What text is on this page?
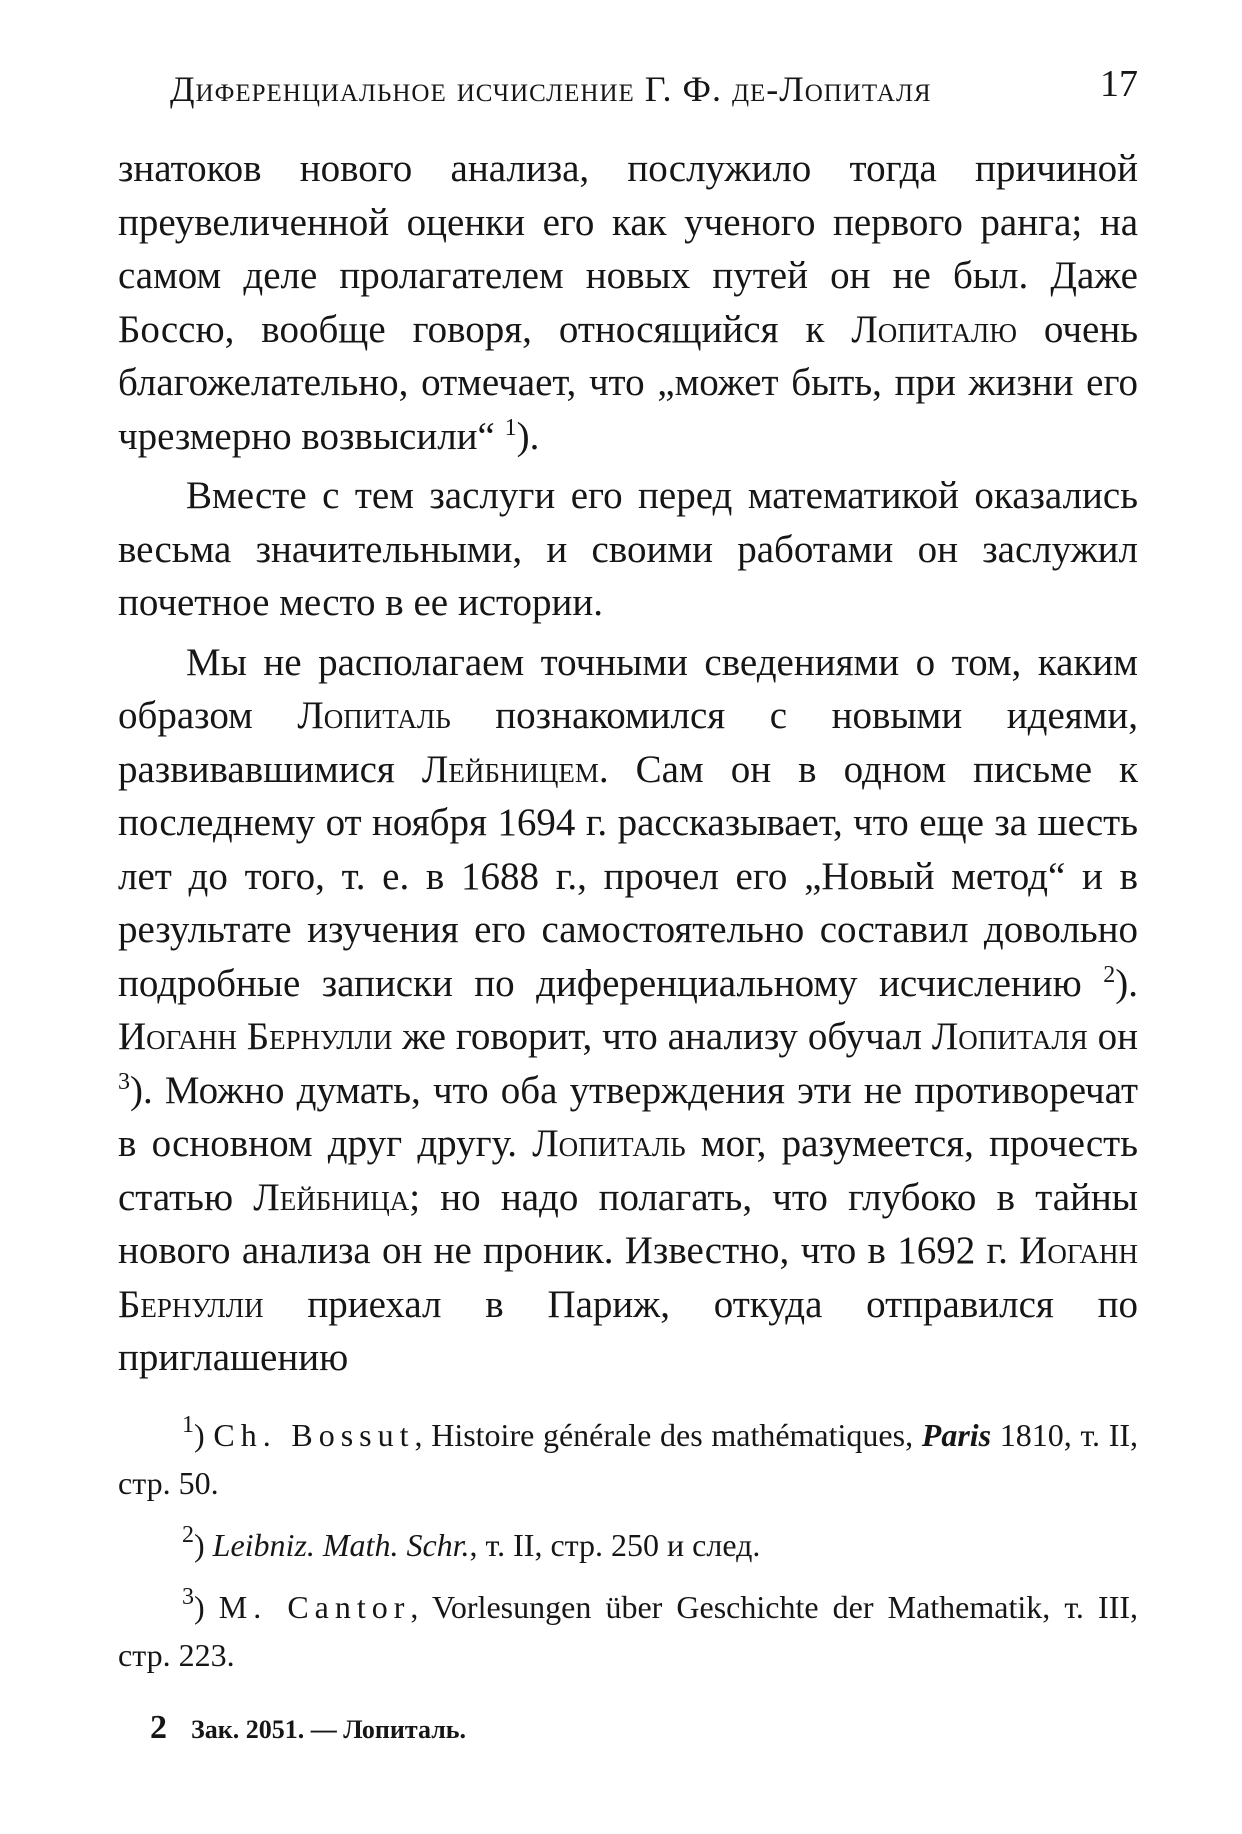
Диференциальное исчисление Г. Ф. де-Лопиталя	17

знатоков нового анализа, послужило тогда причиной преувеличенной оценки его как ученого первого ранга; на самом деле пролагателем новых путей он не был. Даже Боссю, вообще говоря, относящийся к Лопиталю очень благожелательно, отмечает, что „может быть, при жизни его чрезмерно возвысили“ $^1$).

Вместе с тем заслуги его перед математикой оказались весьма значительными, и своими работами он заслужил почетное место в ее истории.

Мы не располагаем точными сведениями о том, каким образом Лопиталь познакомился с новыми идеями, развивавшимися Лейбницем. Сам он в одном письме к последнему от ноября 1694 г. рассказывает, что еще за шесть лет до того, т. е. в 1688 г., прочел его „Новый метод“ и в результате изучения его самостоятельно составил довольно подробные записки по диференциальному исчислению $^2$). Иоганн Бернулли же говорит, что анализу обучал Лопиталя он $^3$). Можно думать, что оба утверждения эти не противоречат в основном друг другу. Лопиталь мог, разумеется, прочесть статью Лейбница; но надо полагать, что глубоко в тайны нового анализа он не проник. Известно, что в 1692 г. Иоганн Бернулли приехал в Париж, откуда отправился по приглашению

$^1$) Ch. Bossut, Histoire générale des mathématiques, Paris 1810, т. II, стр. 50.

$^2$) Leibniz. Math. Schr., т. II, стр. 250 и след.

$^3$) M. Cantor, Vorlesungen über Geschichte der Mathematik, т. III, стр. 223.

2 Зак. 2051. — Лопиталь.
